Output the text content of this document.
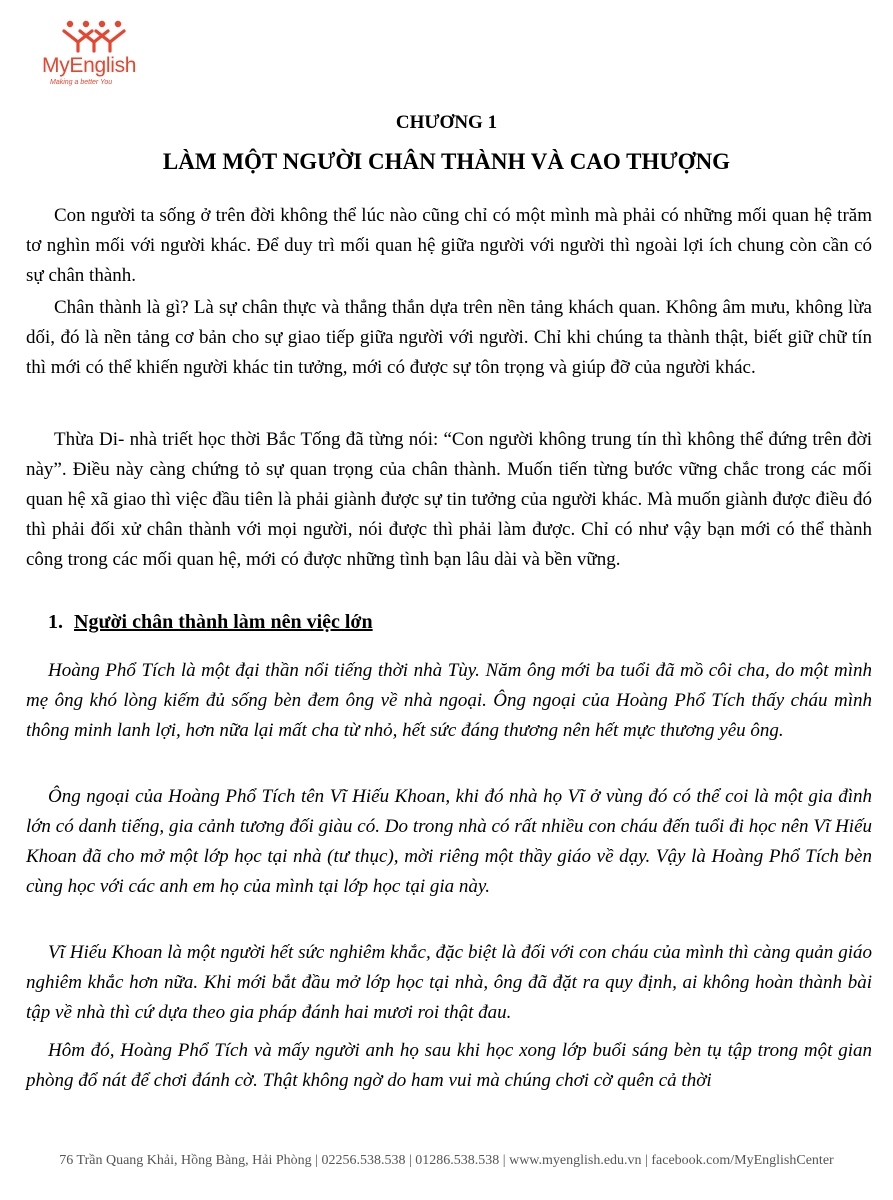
MyEnglish
Making a better You
CHƯƠNG 1
LÀM MỘT NGƯỜI CHÂN THÀNH VÀ CAO THƯỢNG

Con người ta sống ở trên đời không thể lúc nào cũng chỉ có một mình mà phải có những mối quan hệ trăm tơ nghìn mối với người khác. Để duy trì mối quan hệ giữa người với người thì ngoài lợi ích chung còn cần có sự chân thành.

Chân thành là gì? Là sự chân thực và thẳng thắn dựa trên nền tảng khách quan. Không âm mưu, không lừa dối, đó là nền tảng cơ bản cho sự giao tiếp giữa người với người. Chỉ khi chúng ta thành thật, biết giữ chữ tín thì mới có thể khiến người khác tin tưởng, mới có được sự tôn trọng và giúp đỡ của người khác.

Thừa Di- nhà triết học thời Bắc Tống đã từng nói: “Con người không trung tín thì không thể đứng trên đời này”. Điều này càng chứng tỏ sự quan trọng của chân thành. Muốn tiến từng bước vững chắc trong các mối quan hệ xã giao thì việc đầu tiên là phải giành được sự tin tưởng của người khác. Mà muốn giành được điều đó thì phải đối xử chân thành với mọi người, nói được thì phải làm được. Chỉ có như vậy bạn mới có thể thành công trong các mối quan hệ, mới có được những tình bạn lâu dài và bền vững.

1. Người chân thành làm nên việc lớn

Hoàng Phổ Tích là một đại thần nổi tiếng thời nhà Tùy. Năm ông mới ba tuổi đã mồ côi cha, do một mình mẹ ông khó lòng kiếm đủ sống bèn đem ông về nhà ngoại. Ông ngoại của Hoàng Phổ Tích thấy cháu mình thông minh lanh lợi, hơn nữa lại mất cha từ nhỏ, hết sức đáng thương nên hết mực thương yêu ông.

Ông ngoại của Hoàng Phổ Tích tên Vĩ Hiếu Khoan, khi đó nhà họ Vĩ ở vùng đó có thể coi là một gia đình lớn có danh tiếng, gia cảnh tương đối giàu có. Do trong nhà có rất nhiều con cháu đến tuổi đi học nên Vĩ Hiếu Khoan đã cho mở một lớp học tại nhà (tư thục), mời riêng một thầy giáo về dạy. Vậy là Hoàng Phổ Tích bèn cùng học với các anh em họ của mình tại lớp học tại gia này.

Vĩ Hiếu Khoan là một người hết sức nghiêm khắc, đặc biệt là đối với con cháu của mình thì càng quản giáo nghiêm khắc hơn nữa. Khi mới bắt đầu mở lớp học tại nhà, ông đã đặt ra quy định, ai không hoàn thành bài tập về nhà thì cứ dựa theo gia pháp đánh hai mươi roi thật đau.

Hôm đó, Hoàng Phổ Tích và mấy người anh họ sau khi học xong lớp buổi sáng bèn tụ tập trong một gian phòng đổ nát để chơi đánh cờ. Thật không ngờ do ham vui mà chúng chơi cờ quên cả thời

76 Trần Quang Khải, Hồng Bàng, Hải Phòng | 02256.538.538 | 01286.538.538 | www.myenglish.edu.vn | facebook.com/MyEnglishCenter
